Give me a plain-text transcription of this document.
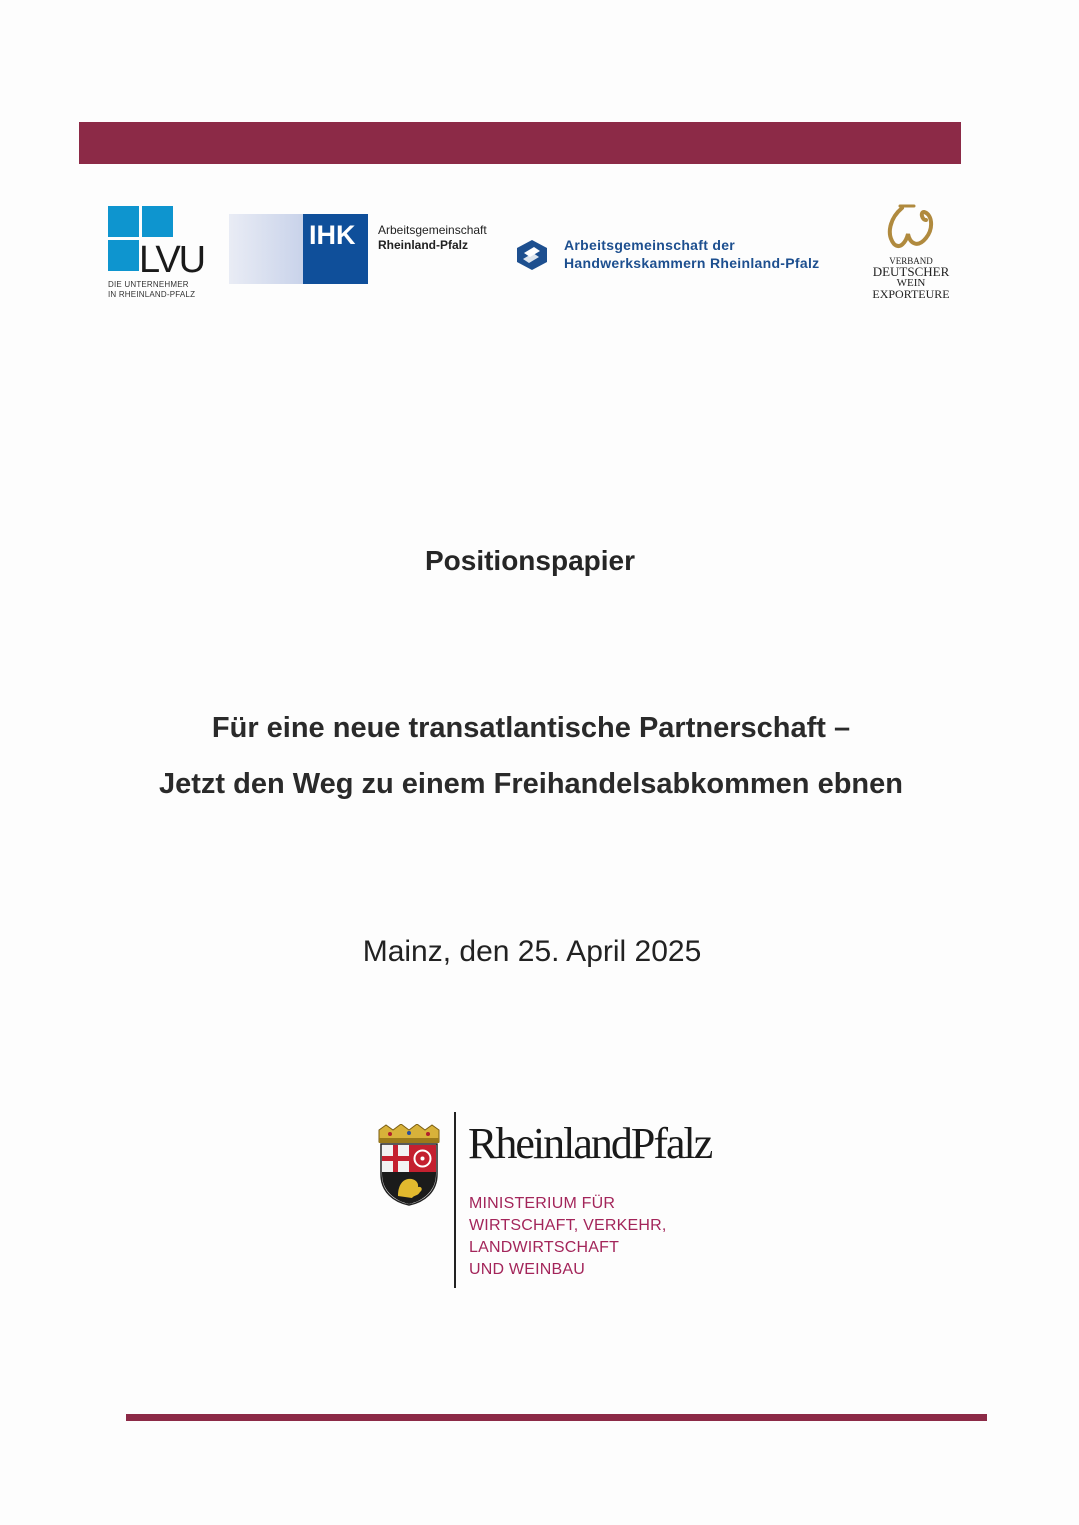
LVU
DIE UNTERNEHMER
IN RHEINLAND-PFALZ
IHK Arbeitsgemeinschaft
Rheinland-Pfalz	Arbeitsgemeinschaft der
Handwerkskammern Rheinland-Pfalz	VERBAND
DEUTSCHER
WEIN
EXPORTEURE
Positionspapier
Für eine neue transatlantische Partnerschaft –
Jetzt den Weg zu einem Freihandelsabkommen ebnen
Mainz, den 25. April 2025
RheinlandPfalz
MINISTERIUM FÜR
WIRTSCHAFT, VERKEHR,
LANDWIRTSCHAFT
UND WEINBAU
